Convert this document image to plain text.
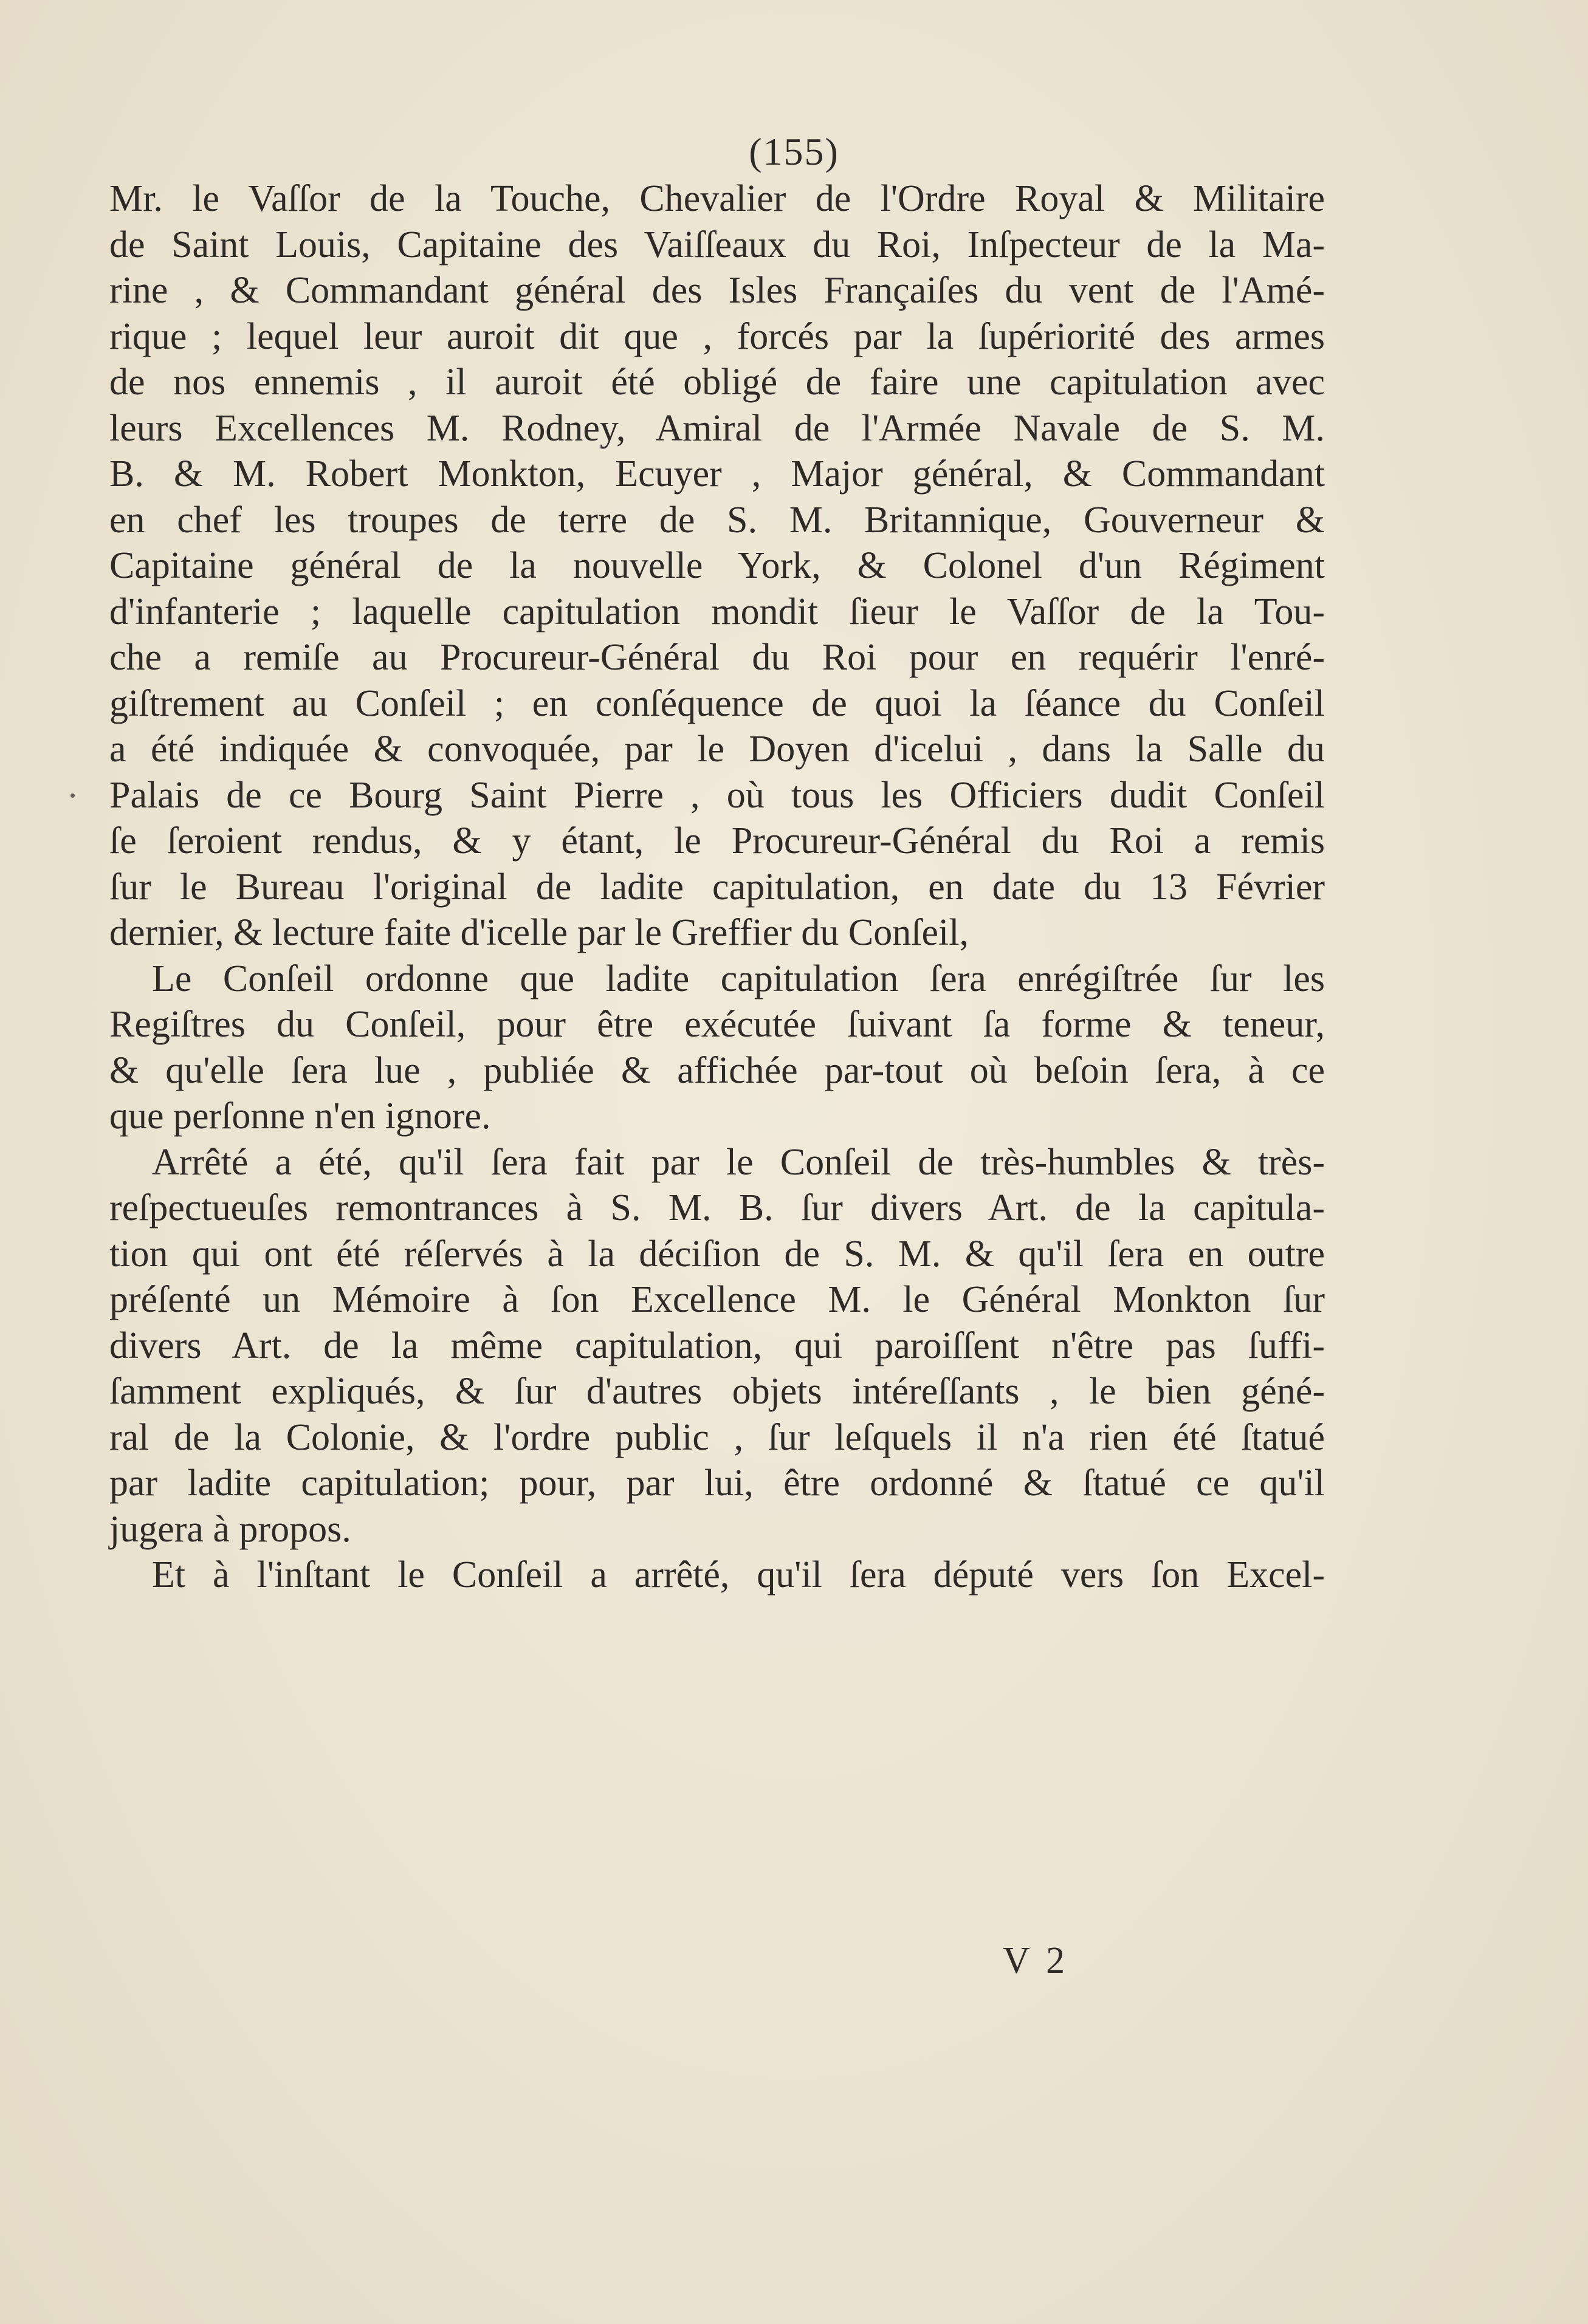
(155)
.
Mr. le Vaſſor de la Touche, Chevalier de l'Ordre Royal & Militaire
de Saint Louis, Capitaine des Vaiſſeaux du Roi, Inſpecteur de la Ma-
rine , & Commandant général des Isles Françaiſes du vent de l'Amé-
rique ; lequel leur auroit dit que , forcés par la ſupériorité des armes
de nos ennemis , il auroit été obligé de faire une capitulation avec
leurs Excellences M. Rodney, Amiral de l'Armée Navale de S. M.
B. & M. Robert Monkton, Ecuyer , Major général, & Commandant
en chef les troupes de terre de S. M. Britannique, Gouverneur &
Capitaine général de la nouvelle York, & Colonel d'un Régiment
d'infanterie ; laquelle capitulation mondit ſieur le Vaſſor de la Tou-
che a remiſe au Procureur-Général du Roi pour en requérir l'enré-
giſtrement au Conſeil ; en conſéquence de quoi la ſéance du Conſeil
a été indiquée & convoquée, par le Doyen d'icelui , dans la Salle du
Palais de ce Bourg Saint Pierre , où tous les Officiers dudit Conſeil
ſe ſeroient rendus, & y étant, le Procureur-Général du Roi a remis
ſur le Bureau l'original de ladite capitulation, en date du 13 Février
dernier, & lecture faite d'icelle par le Greffier du Conſeil,
Le Conſeil ordonne que ladite capitulation ſera enrégiſtrée ſur les
Regiſtres du Conſeil, pour être exécutée ſuivant ſa forme & teneur,
& qu'elle ſera lue , publiée & affichée par-tout où beſoin ſera, à ce
que perſonne n'en ignore.
Arrêté a été, qu'il ſera fait par le Conſeil de très-humbles & très-
reſpectueuſes remontrances à S. M. B. ſur divers Art. de la capitula-
tion qui ont été réſervés à la déciſion de S. M. & qu'il ſera en outre
préſenté un Mémoire à ſon Excellence M. le Général Monkton ſur
divers Art. de la même capitulation, qui paroiſſent n'être pas ſuffi-
ſamment expliqués, & ſur d'autres objets intéreſſants , le bien géné-
ral de la Colonie, & l'ordre public , ſur leſquels il n'a rien été ſtatué
par ladite capitulation; pour, par lui, être ordonné & ſtatué ce qu'il
jugera à propos.
Et à l'inſtant le Conſeil a arrêté, qu'il ſera député vers ſon Excel-
V 2
